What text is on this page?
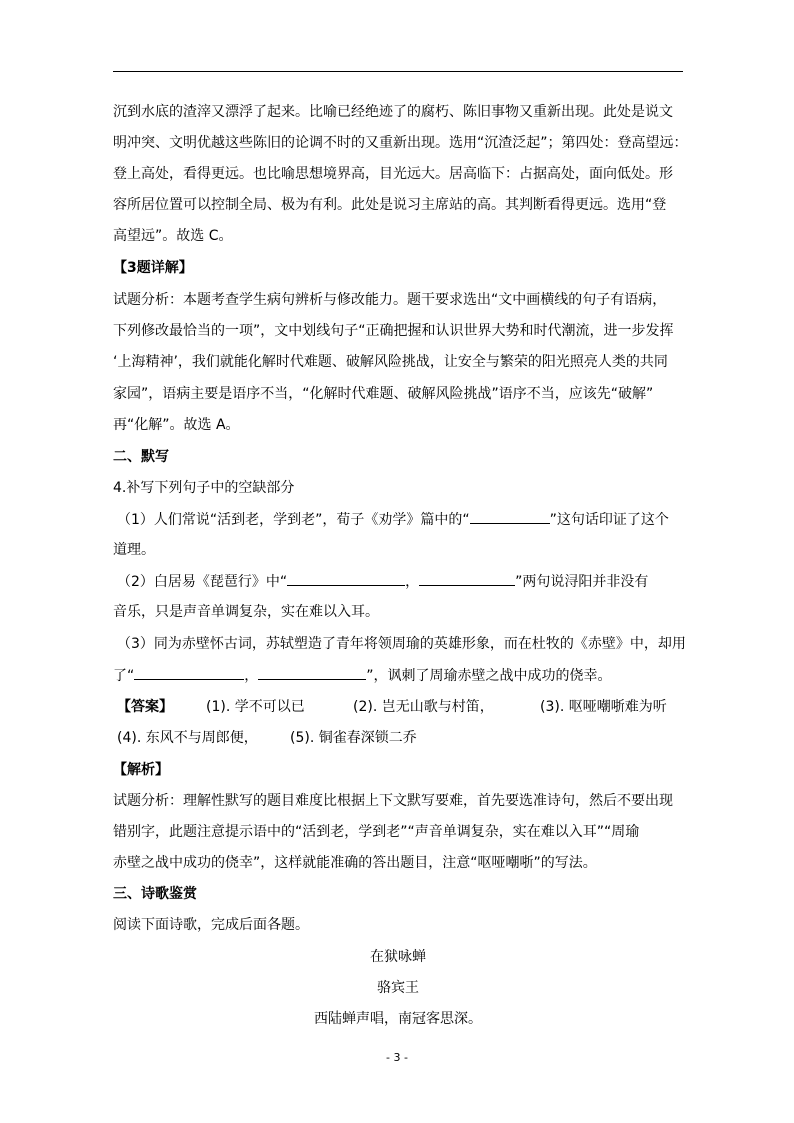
沉到水底的渣滓又漂浮了起来。比喻已经绝迹了的腐朽、陈旧事物又重新出现。此处是说文
明冲突、文明优越这些陈旧的论调不时的又重新出现。选用“沉渣泛起”；第四处：登高望远：
登上高处，看得更远。也比喻思想境界高，目光远大。居高临下：占据高处，面向低处。形
容所居位置可以控制全局、极为有利。此处是说习主席站的高。其判断看得更远。选用“登
高望远”。故选 C。
【3题详解】
试题分析：本题考查学生病句辨析与修改能力。题干要求选出“文中画横线的句子有语病，
下列修改最恰当的一项”，文中划线句子“正确把握和认识世界大势和时代潮流，进一步发挥
‘上海精神’，我们就能化解时代难题、破解风险挑战，让安全与繁荣的阳光照亮人类的共同
家园”，语病主要是语序不当，“化解时代难题、破解风险挑战”语序不当，应该先“破解”
再“化解”。故选 A。
二、默写
4.补写下列句子中的空缺部分
（1）人们常说“活到老，学到老”，荀子《劝学》篇中的“	”这句话印证了这个
道理。
（2）白居易《琵琶行》中“	，	”两句说浔阳并非没有
音乐，只是声音单调复杂，实在难以入耳。
（3）同为赤壁怀古词，苏轼塑造了青年将领周瑜的英雄形象，而在杜牧的《赤壁》中，却用
了“	，	”，讽刺了周瑜赤壁之战中成功的侥幸。
【答案】 (1). 学不可以已	(2). 岂无山歌与村笛，	(3). 呕哑嘲哳难为听
(4). 东风不与周郎便， (5). 铜雀春深锁二乔
【解析】
试题分析：理解性默写的题目难度比根据上下文默写要难，首先要选准诗句，然后不要出现
错别字，此题注意提示语中的“活到老，学到老”“声音单调复杂，实在难以入耳”“周瑜
赤壁之战中成功的侥幸”，这样就能准确的答出题目，注意“呕哑嘲哳”的写法。
三、诗歌鉴赏
阅读下面诗歌，完成后面各题。
在狱咏蝉
骆宾王
西陆蝉声唱，南冠客思深。
- 3 -
